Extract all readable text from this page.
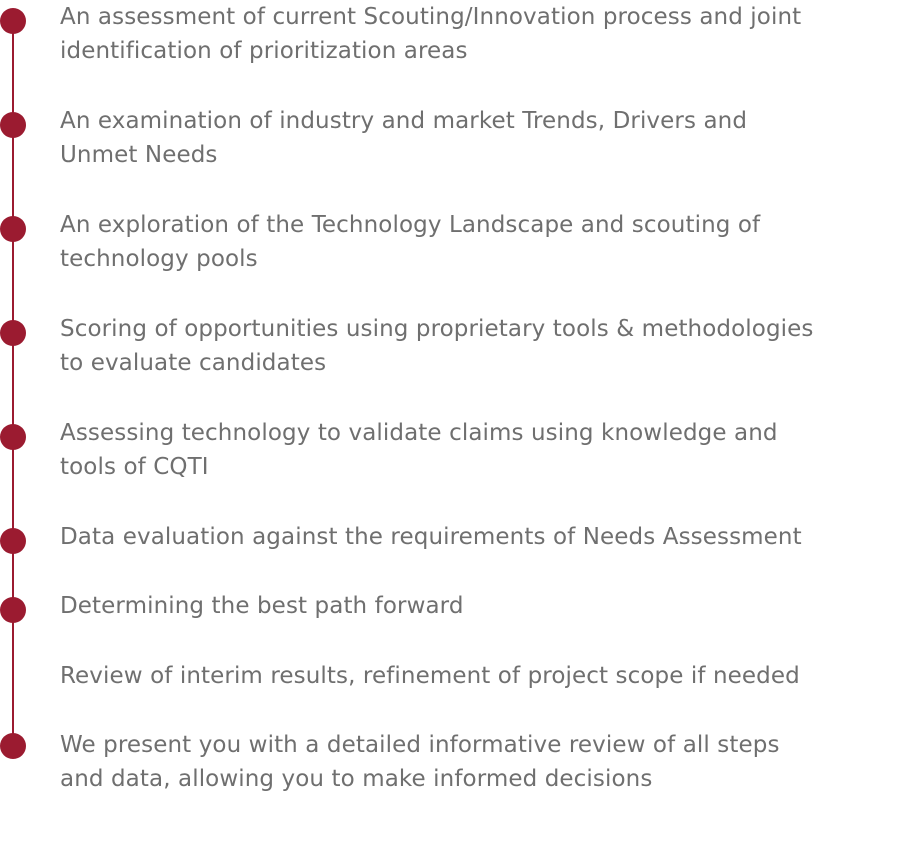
An assessment of current Scouting/Innovation process and joint
identification of prioritization areas
An examination of industry and market Trends, Drivers and
Unmet Needs
An exploration of the Technology Landscape and scouting of
technology pools
Scoring of opportunities using proprietary tools & methodologies
to evaluate candidates
Assessing technology to validate claims using knowledge and
tools of CQTI
Data evaluation against the requirements of Needs Assessment
Determining the best path forward
Review of interim results, refinement of project scope if needed
We present you with a detailed informative review of all steps
and data, allowing you to make informed decisions
